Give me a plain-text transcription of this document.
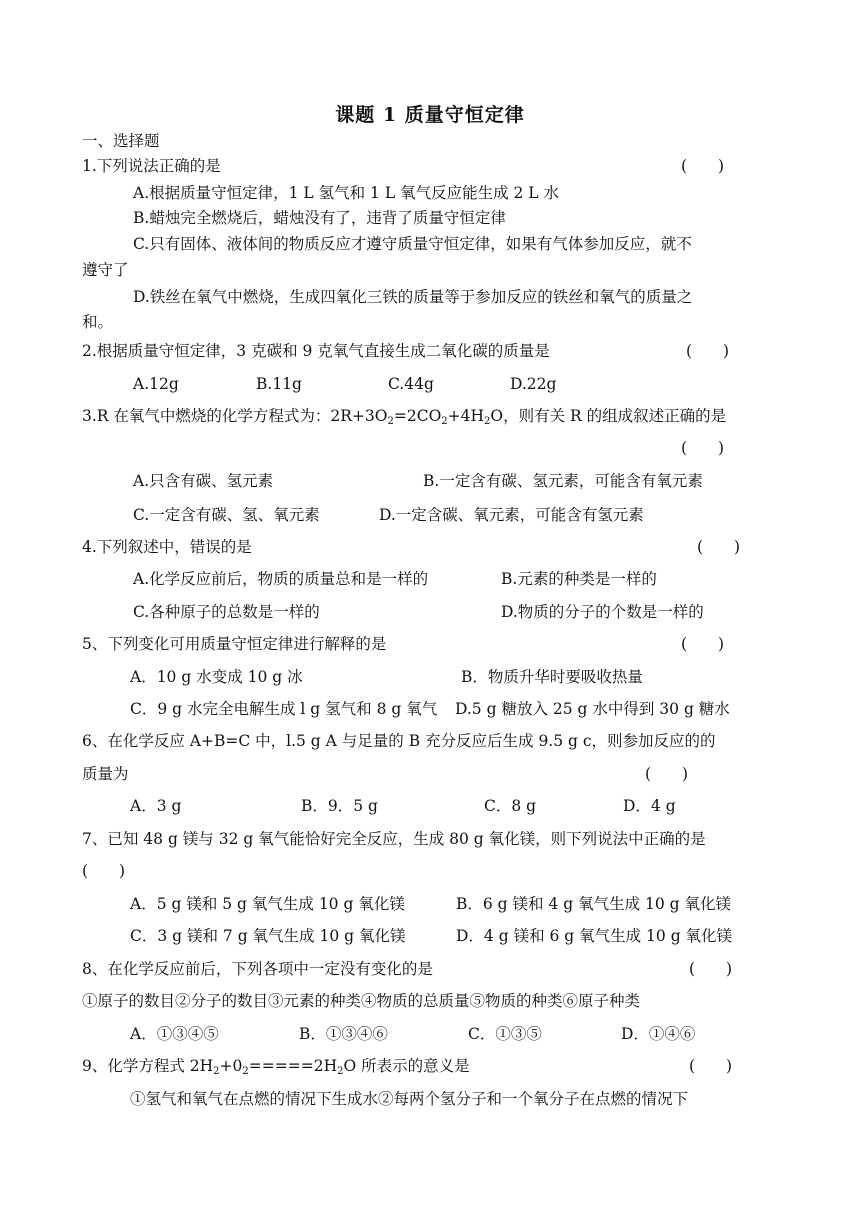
课题 1 质量守恒定律
一、选择题
1.下列说法正确的是	(　　)
A.根据质量守恒定律，1 L 氢气和 1 L 氧气反应能生成 2 L 水
B.蜡烛完全燃烧后，蜡烛没有了，违背了质量守恒定律
C.只有固体、液体间的物质反应才遵守质量守恒定律，如果有气体参加反应，就不
遵守了
D.铁丝在氧气中燃烧，生成四氧化三铁的质量等于参加反应的铁丝和氧气的质量之
和。
2.根据质量守恒定律，3 克碳和 9 克氧气直接生成二氧化碳的质量是	(　　)
A.12g	B.11g	C.44g	D.22g
3.R 在氧气中燃烧的化学方程式为：$2R+3O_2=2CO_2+4H_2O$，则有关 R 的组成叙述正确的是
(　　)
A.只含有碳、氢元素	B.一定含有碳、氢元素，可能含有氧元素
C.一定含有碳、氢、氧元素	D.一定含碳、氧元素，可能含有氢元素
4.下列叙述中，错误的是	(　　)
A.化学反应前后，物质的质量总和是一样的	B.元素的种类是一样的
C.各种原子的总数是一样的	D.物质的分子的个数是一样的
5、下列变化可用质量守恒定律进行解释的是	(　　)
A．10 g 水变成 10 g 冰	B．物质升华时要吸收热量
C．9 g 水完全电解生成 l g 氢气和 8 g 氧气 D.5 g 糖放入 25 g 水中得到 30 g 糖水
6、在化学反应 A+B=C 中，l.5 g A 与足量的 B 充分反应后生成 9.5 g c，则参加反应的的
质量为	(　　)
A．3 g	B．9．5 g	C．8 g	D．4 g
7、已知 48 g 镁与 32 g 氧气能恰好完全反应，生成 80 g 氧化镁，则下列说法中正确的是
(　　)
A．5 g 镁和 5 g 氧气生成 10 g 氧化镁	B．6 g 镁和 4 g 氧气生成 10 g 氧化镁
C．3 g 镁和 7 g 氧气生成 10 g 氧化镁	D．4 g 镁和 6 g 氧气生成 10 g 氧化镁
8、在化学反应前后，下列各项中一定没有变化的是	(　　)
①原子的数目②分子的数目③元素的种类④物质的总质量⑤物质的种类⑥原子种类
A．①③④⑤	B．①③④⑥	C．①③⑤	D．①④⑥
9、化学方程式 $2H_2+0_2=====2H_2O$ 所表示的意义是	(　　)
①氢气和氧气在点燃的情况下生成水②每两个氢分子和一个氧分子在点燃的情况下
